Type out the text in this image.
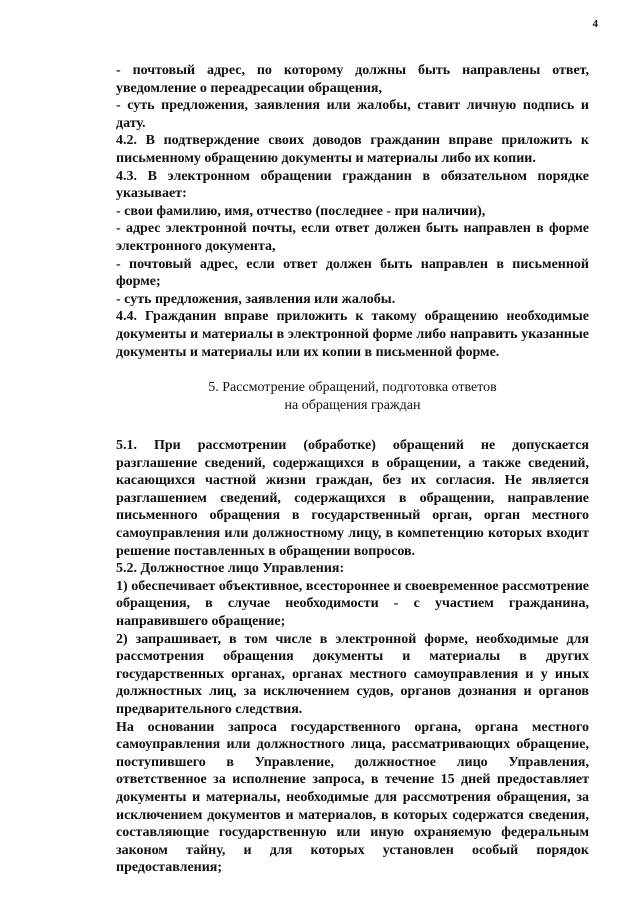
4

- почтовый адрес, по которому должны быть направлены ответ, уведомление о переадресации обращения,

- суть предложения, заявления или жалобы, ставит личную подпись и дату.

4.2. В подтверждение своих доводов гражданин вправе приложить к письменному обращению документы и материалы либо их копии.

4.3. В электронном обращении гражданин в обязательном порядке указывает:

- свои фамилию, имя, отчество (последнее - при наличии),

- адрес электронной почты, если ответ должен быть направлен в форме электронного документа,

- почтовый адрес, если ответ должен быть направлен в письменной форме;

- суть предложения, заявления или жалобы.

4.4. Гражданин вправе приложить к такому обращению необходимые документы и материалы в электронной форме либо направить указанные документы и материалы или их копии в письменной форме.

5. Рассмотрение обращений, подготовка ответов
на обращения граждан

5.1. При рассмотрении (обработке) обращений не допускается разглашение сведений, содержащихся в обращении, а также сведений, касающихся частной жизни граждан, без их согласия. Не является разглашением сведений, содержащихся в обращении, направление письменного обращения в государственный орган, орган местного самоуправления или должностному лицу, в компетенцию которых входит решение поставленных в обращении вопросов.

5.2. Должностное лицо Управления:

1) обеспечивает объективное, всестороннее и своевременное рассмотрение обращения, в случае необходимости - с участием гражданина, направившего обращение;

2) запрашивает, в том числе в электронной форме, необходимые для рассмотрения обращения документы и материалы в других государственных органах, органах местного самоуправления и у иных должностных лиц, за исключением судов, органов дознания и органов предварительного следствия.

На основании запроса государственного органа, органа местного самоуправления или должностного лица, рассматривающих обращение, поступившего в Управление, должностное лицо Управления, ответственное за исполнение запроса, в течение 15 дней предоставляет документы и материалы, необходимые для рассмотрения обращения, за исключением документов и материалов, в которых содержатся сведения, составляющие государственную или иную охраняемую федеральным законом тайну, и для которых установлен особый порядок предоставления;
